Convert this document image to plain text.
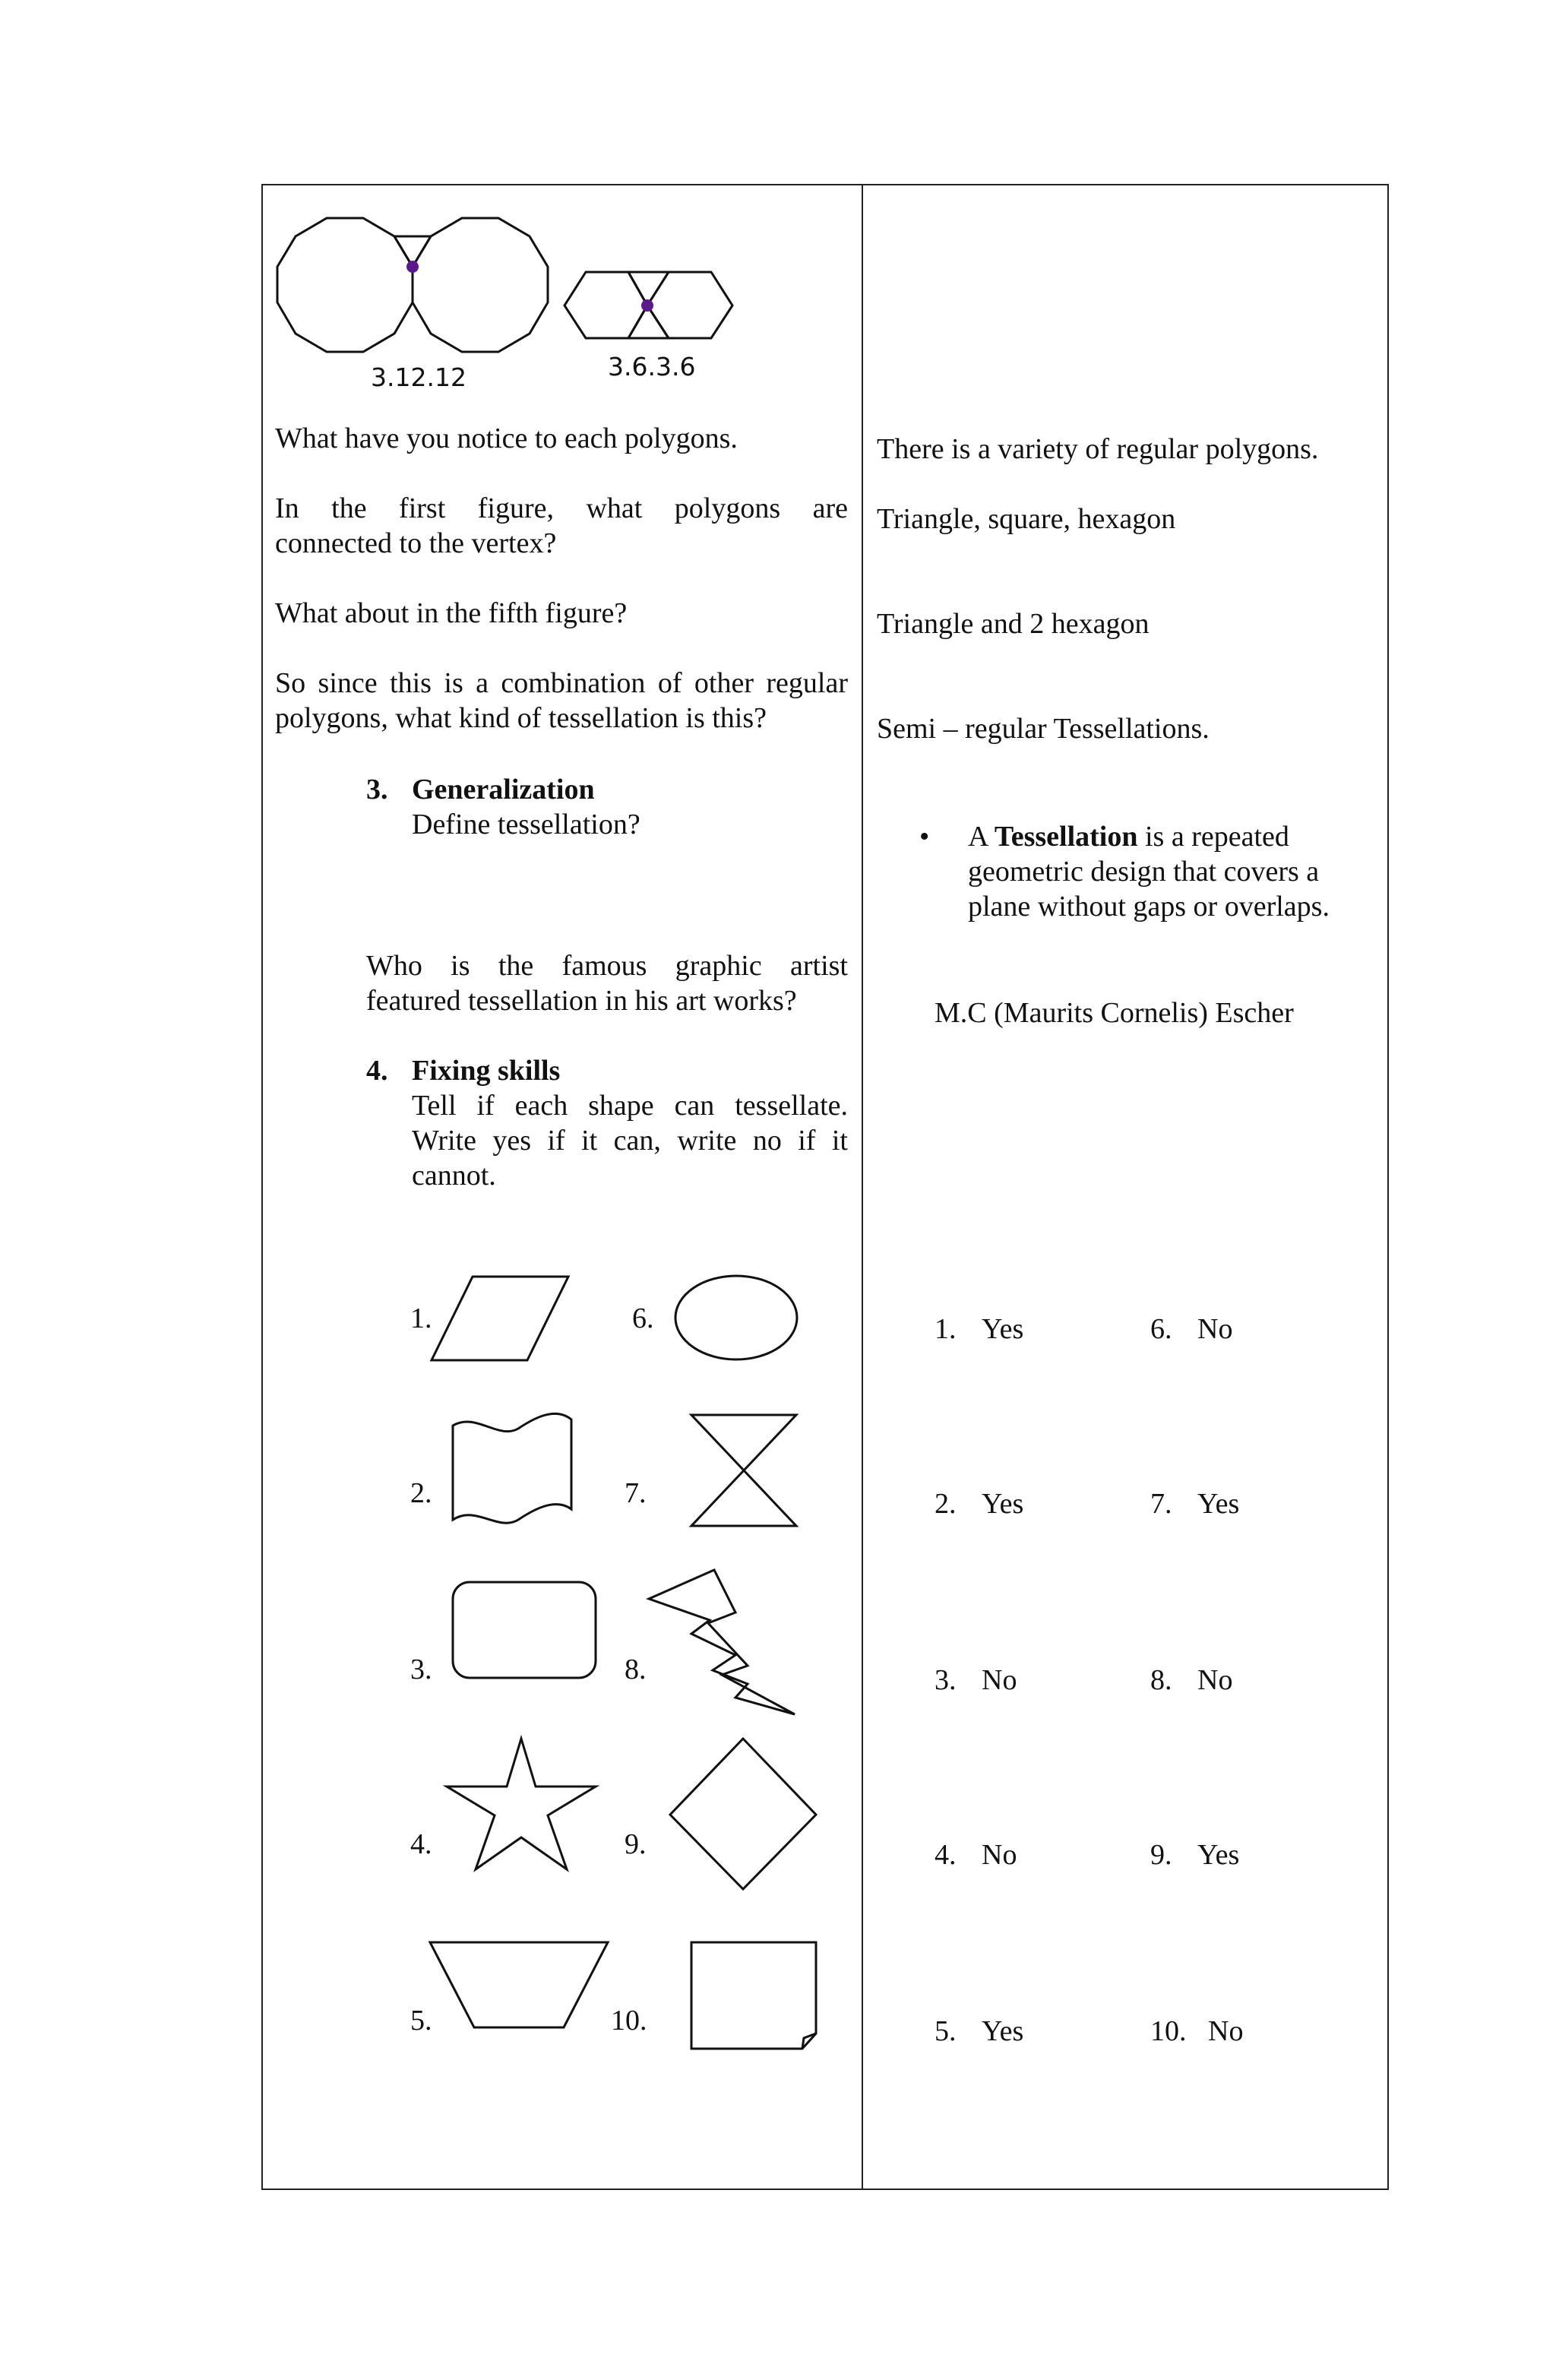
3.12.12	3.6.3.6
What have you notice to each polygons.
In the first figure, what polygons are
connected to the vertex?
What about in the fifth figure?
So since this is a combination of other regular
polygons, what kind of tessellation is this?
3. Generalization
Define tessellation?
Who is the famous graphic artist
featured tessellation in his art works?
4. Fixing skills
Tell if each shape can tessellate.
Write yes if it can, write no if it
cannot.
1.
2.
3.
4.
5.
6.
7.
8.
9.
10.
There is a variety of regular polygons.
Triangle, square, hexagon
Triangle and 2 hexagon
Semi – regular Tessellations.
• A Tessellation is a repeated
geometric design that covers a
plane without gaps or overlaps.
M.C (Maurits Cornelis) Escher
1. Yes
2. Yes
3. No
4. No
5. Yes
6. No
7. Yes
8. No
9. Yes
10. No
